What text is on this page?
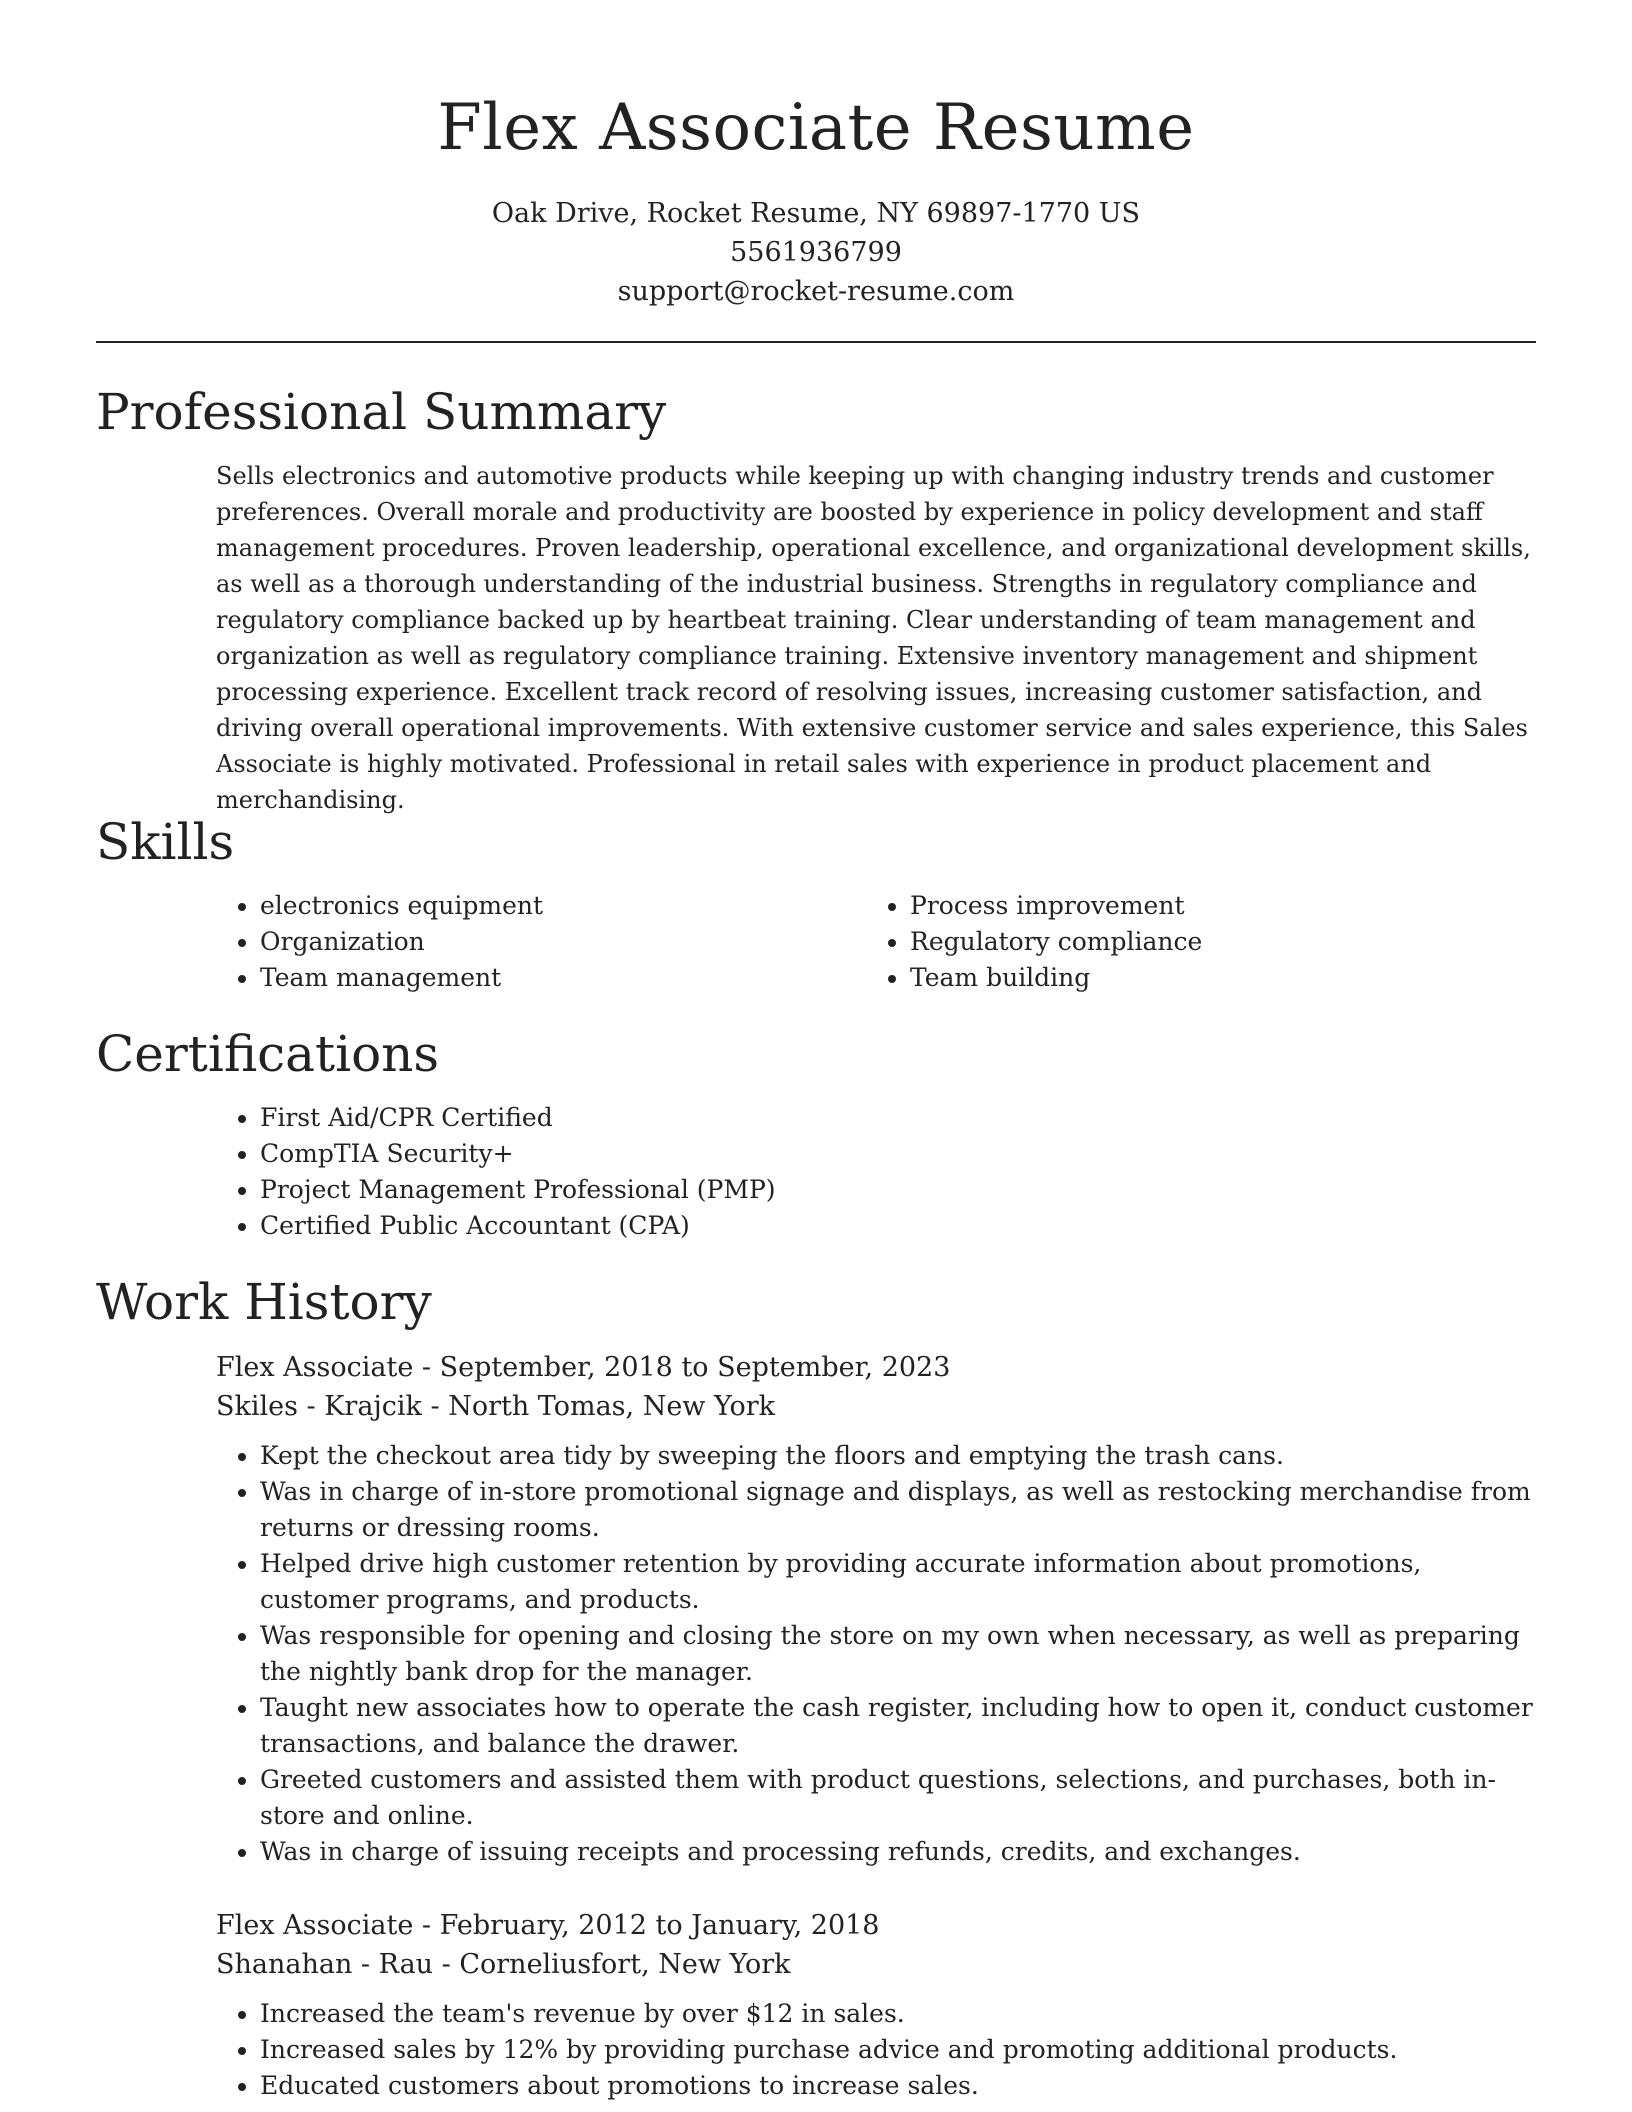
Flex Associate Resume
Oak Drive, Rocket Resume, NY 69897-1770 US
5561936799
support@rocket-resume.com
Professional Summary

Sells electronics and automotive products while keeping up with changing industry trends and customer preferences. Overall morale and productivity are boosted by experience in policy development and staff management procedures. Proven leadership, operational excellence, and organizational development skills, as well as a thorough understanding of the industrial business. Strengths in regulatory compliance and regulatory compliance backed up by heartbeat training. Clear understanding of team management and organization as well as regulatory compliance training. Extensive inventory management and shipment processing experience. Excellent track record of resolving issues, increasing customer satisfaction, and driving overall operational improvements. With extensive customer service and sales experience, this Sales Associate is highly motivated. Professional in retail sales with experience in product placement and merchandising.

Skills
• electronics equipment
• Organization
• Team management
• Process improvement
• Regulatory compliance
• Team building
Certifications
• First Aid/CPR Certified
• CompTIA Security+
• Project Management Professional (PMP)
• Certified Public Accountant (CPA)
Work History
Flex Associate - September, 2018 to September, 2023
Skiles - Krajcik - North Tomas, New York
• Kept the checkout area tidy by sweeping the floors and emptying the trash cans.
• Was in charge of in-store promotional signage and displays, as well as restocking merchandise from returns or dressing rooms.
• Helped drive high customer retention by providing accurate information about promotions, customer programs, and products.
• Was responsible for opening and closing the store on my own when necessary, as well as preparing the nightly bank drop for the manager.
• Taught new associates how to operate the cash register, including how to open it, conduct customer transactions, and balance the drawer.
• Greeted customers and assisted them with product questions, selections, and purchases, both in-store and online.
• Was in charge of issuing receipts and processing refunds, credits, and exchanges.
Flex Associate - February, 2012 to January, 2018
Shanahan - Rau - Corneliusfort, New York
• Increased the team's revenue by over $12 in sales.
• Increased sales by 12% by providing purchase advice and promoting additional products.
• Educated customers about promotions to increase sales.
